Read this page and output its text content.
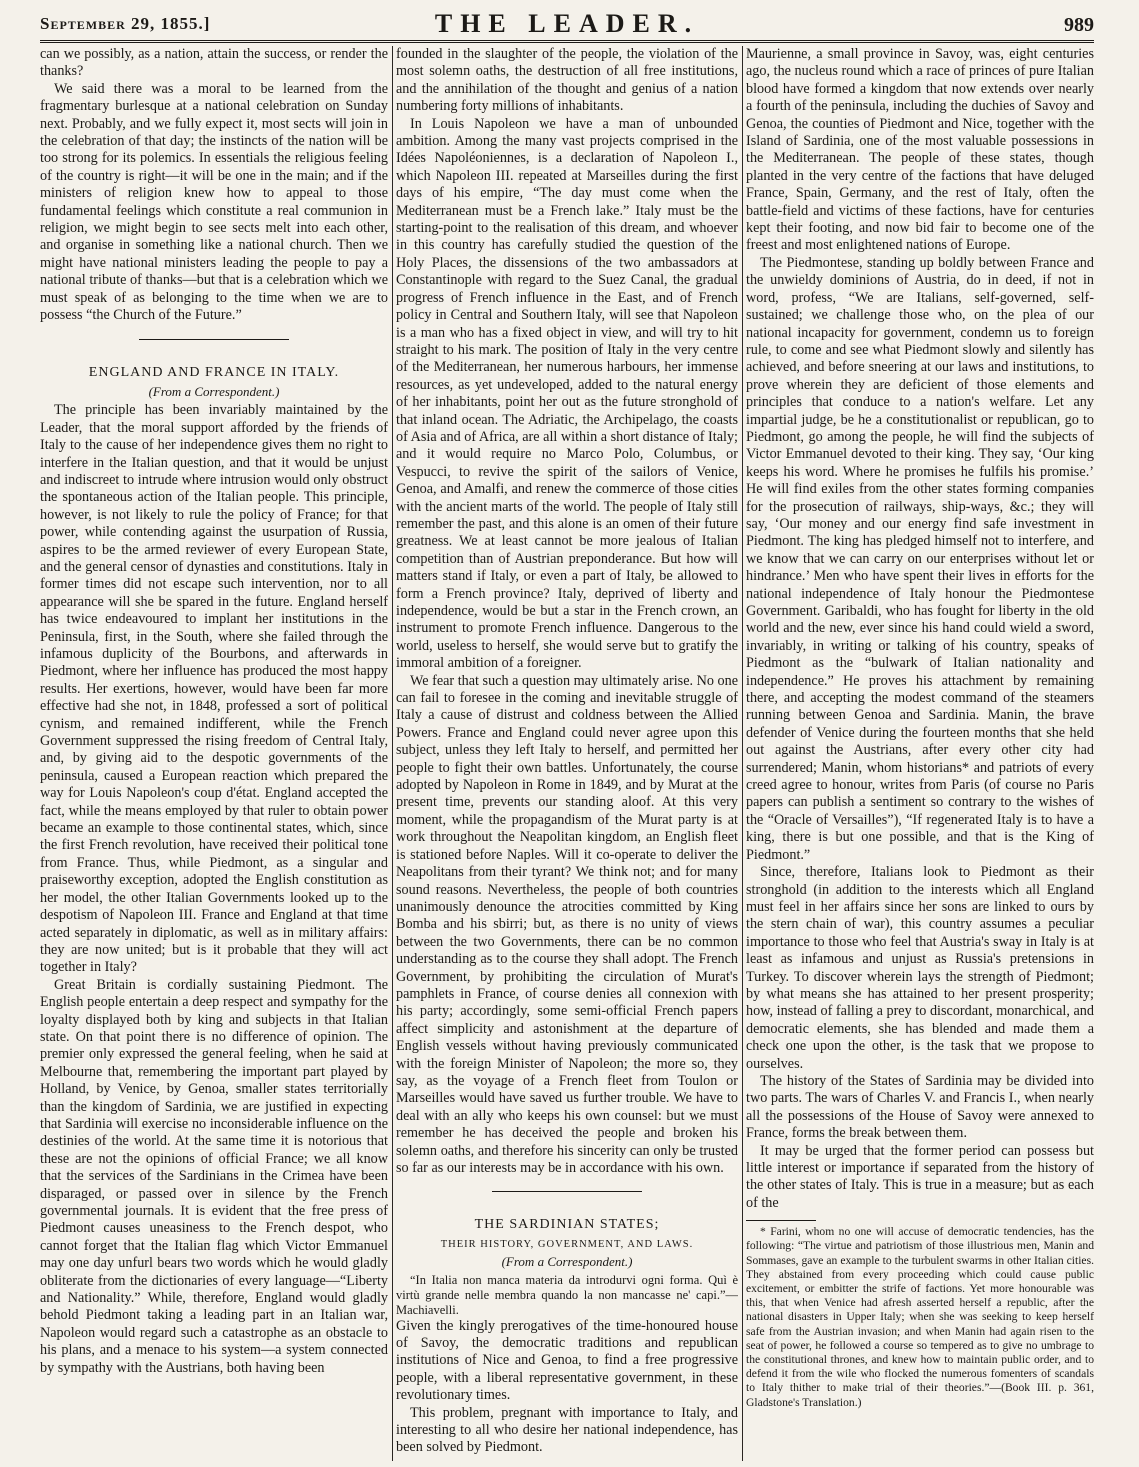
September 29, 1855.]	THE LEADER.	989

can we possibly, as a nation, attain the success, or render the thanks?

We said there was a moral to be learned from the fragmentary burlesque at a national celebration on Sunday next. Probably, and we fully expect it, most sects will join in the celebration of that day; the instincts of the nation will be too strong for its polemics. In essentials the religious feeling of the country is right—it will be one in the main; and if the ministers of religion knew how to appeal to those fundamental feelings which constitute a real communion in religion, we might begin to see sects melt into each other, and organise in something like a national church. Then we might have national ministers leading the people to pay a national tribute of thanks—but that is a celebration which we must speak of as belonging to the time when we are to possess “the Church of the Future.”

ENGLAND AND FRANCE IN ITALY.
(From a Correspondent.)

The principle has been invariably maintained by the Leader, that the moral support afforded by the friends of Italy to the cause of her independence gives them no right to interfere in the Italian question, and that it would be unjust and indiscreet to intrude where intrusion would only obstruct the spontaneous action of the Italian people. This principle, however, is not likely to rule the policy of France; for that power, while contending against the usurpation of Russia, aspires to be the armed reviewer of every European State, and the general censor of dynasties and constitutions. Italy in former times did not escape such intervention, nor to all appearance will she be spared in the future. England herself has twice endeavoured to implant her institutions in the Peninsula, first, in the South, where she failed through the infamous duplicity of the Bourbons, and afterwards in Piedmont, where her influence has produced the most happy results. Her exertions, however, would have been far more effective had she not, in 1848, professed a sort of political cynism, and remained indifferent, while the French Government suppressed the rising freedom of Central Italy, and, by giving aid to the despotic governments of the peninsula, caused a European reaction which prepared the way for Louis Napoleon's coup d'état. England accepted the fact, while the means employed by that ruler to obtain power became an example to those continental states, which, since the first French revolution, have received their political tone from France. Thus, while Piedmont, as a singular and praiseworthy exception, adopted the English constitution as her model, the other Italian Governments looked up to the despotism of Napoleon III. France and England at that time acted separately in diplomatic, as well as in military affairs: they are now united; but is it probable that they will act together in Italy?

Great Britain is cordially sustaining Piedmont. The English people entertain a deep respect and sympathy for the loyalty displayed both by king and subjects in that Italian state. On that point there is no difference of opinion. The premier only expressed the general feeling, when he said at Melbourne that, remembering the important part played by Holland, by Venice, by Genoa, smaller states territorially than the kingdom of Sardinia, we are justified in expecting that Sardinia will exercise no inconsiderable influence on the destinies of the world. At the same time it is notorious that these are not the opinions of official France; we all know that the services of the Sardinians in the Crimea have been disparaged, or passed over in silence by the French governmental journals. It is evident that the free press of Piedmont causes uneasiness to the French despot, who cannot forget that the Italian flag which Victor Emmanuel may one day unfurl bears two words which he would gladly obliterate from the dictionaries of every language—“Liberty and Nationality.” While, therefore, England would gladly behold Piedmont taking a leading part in an Italian war, Napoleon would regard such a catastrophe as an obstacle to his plans, and a menace to his system—a system connected by sympathy with the Austrians, both having been

founded in the slaughter of the people, the violation of the most solemn oaths, the destruction of all free institutions, and the annihilation of the thought and genius of a nation numbering forty millions of inhabitants.

In Louis Napoleon we have a man of unbounded ambition. Among the many vast projects comprised in the Idées Napoléoniennes, is a declaration of Napoleon I., which Napoleon III. repeated at Marseilles during the first days of his empire, “The day must come when the Mediterranean must be a French lake.” Italy must be the starting-point to the realisation of this dream, and whoever in this country has carefully studied the question of the Holy Places, the dissensions of the two ambassadors at Constantinople with regard to the Suez Canal, the gradual progress of French influence in the East, and of French policy in Central and Southern Italy, will see that Napoleon is a man who has a fixed object in view, and will try to hit straight to his mark. The position of Italy in the very centre of the Mediterranean, her numerous harbours, her immense resources, as yet undeveloped, added to the natural energy of her inhabitants, point her out as the future stronghold of that inland ocean. The Adriatic, the Archipelago, the coasts of Asia and of Africa, are all within a short distance of Italy; and it would require no Marco Polo, Columbus, or Vespucci, to revive the spirit of the sailors of Venice, Genoa, and Amalfi, and renew the commerce of those cities with the ancient marts of the world. The people of Italy still remember the past, and this alone is an omen of their future greatness. We at least cannot be more jealous of Italian competition than of Austrian preponderance. But how will matters stand if Italy, or even a part of Italy, be allowed to form a French province? Italy, deprived of liberty and independence, would be but a star in the French crown, an instrument to promote French influence. Dangerous to the world, useless to herself, she would serve but to gratify the immoral ambition of a foreigner.

We fear that such a question may ultimately arise. No one can fail to foresee in the coming and inevitable struggle of Italy a cause of distrust and coldness between the Allied Powers. France and England could never agree upon this subject, unless they left Italy to herself, and permitted her people to fight their own battles. Unfortunately, the course adopted by Napoleon in Rome in 1849, and by Murat at the present time, prevents our standing aloof. At this very moment, while the propagandism of the Murat party is at work throughout the Neapolitan kingdom, an English fleet is stationed before Naples. Will it co-operate to deliver the Neapolitans from their tyrant? We think not; and for many sound reasons. Nevertheless, the people of both countries unanimously denounce the atrocities committed by King Bomba and his sbirri; but, as there is no unity of views between the two Governments, there can be no common understanding as to the course they shall adopt. The French Government, by prohibiting the circulation of Murat's pamphlets in France, of course denies all connexion with his party; accordingly, some semi-official French papers affect simplicity and astonishment at the departure of English vessels without having previously communicated with the foreign Minister of Napoleon; the more so, they say, as the voyage of a French fleet from Toulon or Marseilles would have saved us further trouble. We have to deal with an ally who keeps his own counsel: but we must remember he has deceived the people and broken his solemn oaths, and therefore his sincerity can only be trusted so far as our interests may be in accordance with his own.

THE SARDINIAN STATES;
THEIR HISTORY, GOVERNMENT, AND LAWS.
(From a Correspondent.)

“In Italia non manca materia da introdurvi ogni forma. Quì è virtù grande nelle membra quando la non mancasse ne' capi.”—Machiavelli.

Given the kingly prerogatives of the time-honoured house of Savoy, the democratic traditions and republican institutions of Nice and Genoa, to find a free progressive people, with a liberal representative government, in these revolutionary times.

This problem, pregnant with importance to Italy, and interesting to all who desire her national independence, has been solved by Piedmont.

Maurienne, a small province in Savoy, was, eight centuries ago, the nucleus round which a race of princes of pure Italian blood have formed a kingdom that now extends over nearly a fourth of the peninsula, including the duchies of Savoy and Genoa, the counties of Piedmont and Nice, together with the Island of Sardinia, one of the most valuable possessions in the Mediterranean. The people of these states, though planted in the very centre of the factions that have deluged France, Spain, Germany, and the rest of Italy, often the battle-field and victims of these factions, have for centuries kept their footing, and now bid fair to become one of the freest and most enlightened nations of Europe.

The Piedmontese, standing up boldly between France and the unwieldy dominions of Austria, do in deed, if not in word, profess, “We are Italians, self-governed, self-sustained; we challenge those who, on the plea of our national incapacity for government, condemn us to foreign rule, to come and see what Piedmont slowly and silently has achieved, and before sneering at our laws and institutions, to prove wherein they are deficient of those elements and principles that conduce to a nation's welfare. Let any impartial judge, be he a constitutionalist or republican, go to Piedmont, go among the people, he will find the subjects of Victor Emmanuel devoted to their king. They say, ‘Our king keeps his word. Where he promises he fulfils his promise.’ He will find exiles from the other states forming companies for the prosecution of railways, ship-ways, &c.; they will say, ‘Our money and our energy find safe investment in Piedmont. The king has pledged himself not to interfere, and we know that we can carry on our enterprises without let or hindrance.’ Men who have spent their lives in efforts for the national independence of Italy honour the Piedmontese Government. Garibaldi, who has fought for liberty in the old world and the new, ever since his hand could wield a sword, invariably, in writing or talking of his country, speaks of Piedmont as the “bulwark of Italian nationality and independence.” He proves his attachment by remaining there, and accepting the modest command of the steamers running between Genoa and Sardinia. Manin, the brave defender of Venice during the fourteen months that she held out against the Austrians, after every other city had surrendered; Manin, whom historians* and patriots of every creed agree to honour, writes from Paris (of course no Paris papers can publish a sentiment so contrary to the wishes of the “Oracle of Versailles”), “If regenerated Italy is to have a king, there is but one possible, and that is the King of Piedmont.”

Since, therefore, Italians look to Piedmont as their stronghold (in addition to the interests which all England must feel in her affairs since her sons are linked to ours by the stern chain of war), this country assumes a peculiar importance to those who feel that Austria's sway in Italy is at least as infamous and unjust as Russia's pretensions in Turkey. To discover wherein lays the strength of Piedmont; by what means she has attained to her present prosperity; how, instead of falling a prey to discordant, monarchical, and democratic elements, she has blended and made them a check one upon the other, is the task that we propose to ourselves.

The history of the States of Sardinia may be divided into two parts. The wars of Charles V. and Francis I., when nearly all the possessions of the House of Savoy were annexed to France, forms the break between them.

It may be urged that the former period can possess but little interest or importance if separated from the history of the other states of Italy. This is true in a measure; but as each of the

* Farini, whom no one will accuse of democratic tendencies, has the following: “The virtue and patriotism of those illustrious men, Manin and Sommases, gave an example to the turbulent swarms in other Italian cities. They abstained from every proceeding which could cause public excitement, or embitter the strife of factions. Yet more honourable was this, that when Venice had afresh asserted herself a republic, after the national disasters in Upper Italy; when she was seeking to keep herself safe from the Austrian invasion; and when Manin had again risen to the seat of power, he followed a course so tempered as to give no umbrage to the constitutional thrones, and knew how to maintain public order, and to defend it from the wile who flocked the numerous fomenters of scandals to Italy thither to make trial of their theories.”—(Book III. p. 361, Gladstone's Translation.)
